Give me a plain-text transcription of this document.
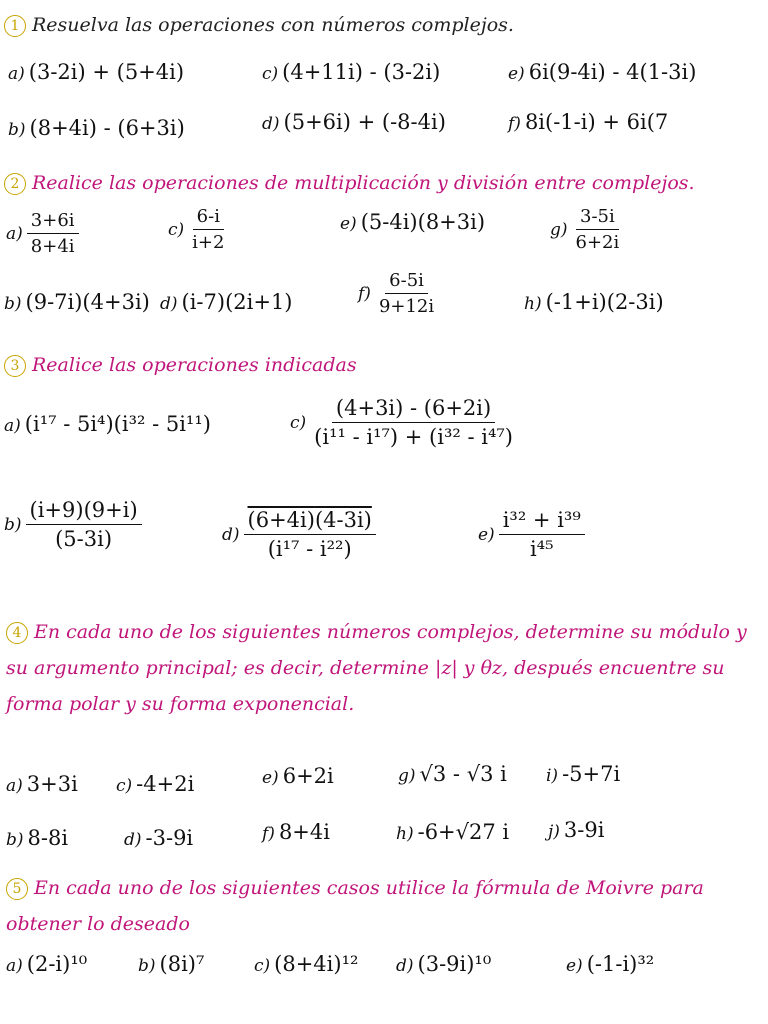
1 Resuelva las operaciones con números complejos.
a) (3-2i) + (5+4i)	c) (4+11i) - (3-2i)	e) 6i(9-4i) - 4(1-3i)
b) (8+4i) - (6+3i)	d) (5+6i) + (-8-4i)	f) 8i(-1-i) + 6i(7
2 Realice las operaciones de multiplicación y división entre complejos.
$a) \frac{3+6i}{8+4i}$	$c) \frac{6-i}{i+2}$	e) (5-4i)(8+3i)	$g) \frac{3-5i}{6+2i}$
b) (9-7i)(4+3i) d) (i-7)(2i+1)	$f) \frac{6-5i}{9+12i}$	h) (-1+i)(2-3i)
3 Realice las operaciones indicadas
a) (i¹⁷ - 5i⁴)(i³² - 5i¹¹)	$c) \frac{(4+3i) - (6+2i)}{\text{(i¹¹ - i¹⁷) + (i³² - i⁴⁷)}}$
$b) \frac{(i+9)(9+i)}{(5-3i)}$	$d) \frac{(6+4i)(4-3i)}{\text{(i¹⁷ - i²²)}}$	$e) \frac{\text{i³² + i³⁹}}{\text{i⁴⁵}}$
4 En cada uno de los siguientes números complejos, determine su módulo y su argumento principal; es decir, determine |z| y θz, después encuentre su forma polar y su forma exponencial.
a) 3+3i c) -4+2i	e) 6+2i	g) √3 - √3 i i) -5+7i
b) 8-8i	d) -3-9i	f) 8+4i	h) -6+√27 i j) 3-9i
5 En cada uno de los siguientes casos utilice la fórmula de Moivre para obtener lo deseado
a) (2-i)¹⁰	b) (8i)⁷	c) (8+4i)¹² d) (3-9i)¹⁰	e) (-1-i)³²
